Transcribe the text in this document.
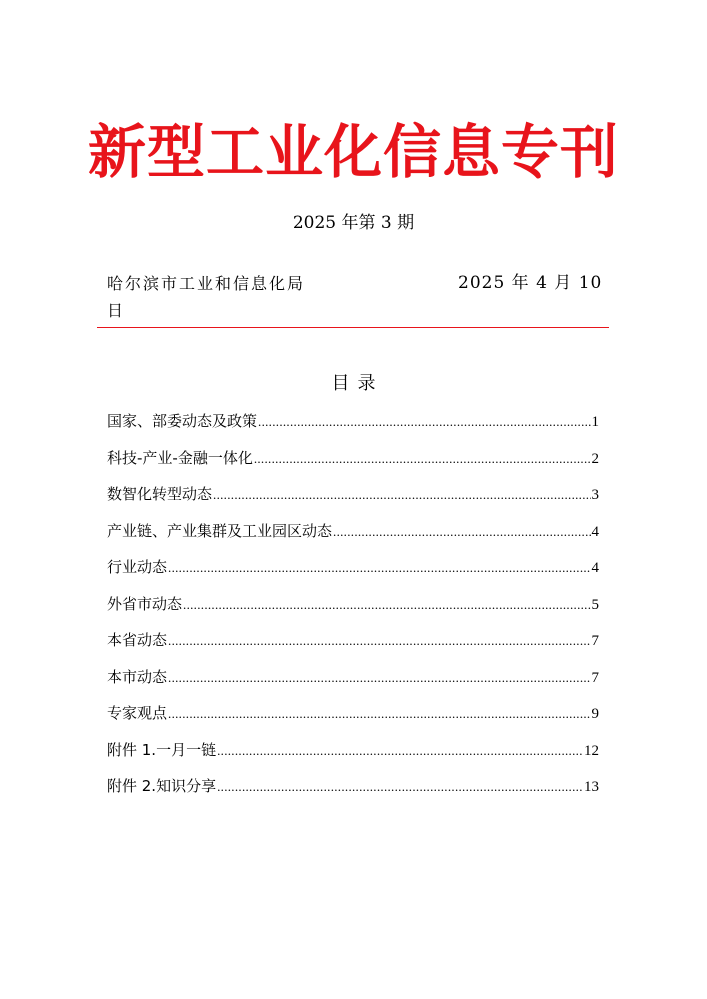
新型工业化信息专刊
2025 年第 3 期
哈尔滨市工业和信息化局
日
2025 年 4 月 10
目录
国家、部委动态及政策 .....	1
科技-产业-金融一体化 .....	2
数智化转型动态 .....	3
产业链、产业集群及工业园区动态 .....	4
行业动态 .....	4
外省市动态 .....	5
本省动态 .....	7
本市动态 .....	7
专家观点 .....	9
附件 1.一月一链 .....	12
附件 2.知识分享 .....	13
